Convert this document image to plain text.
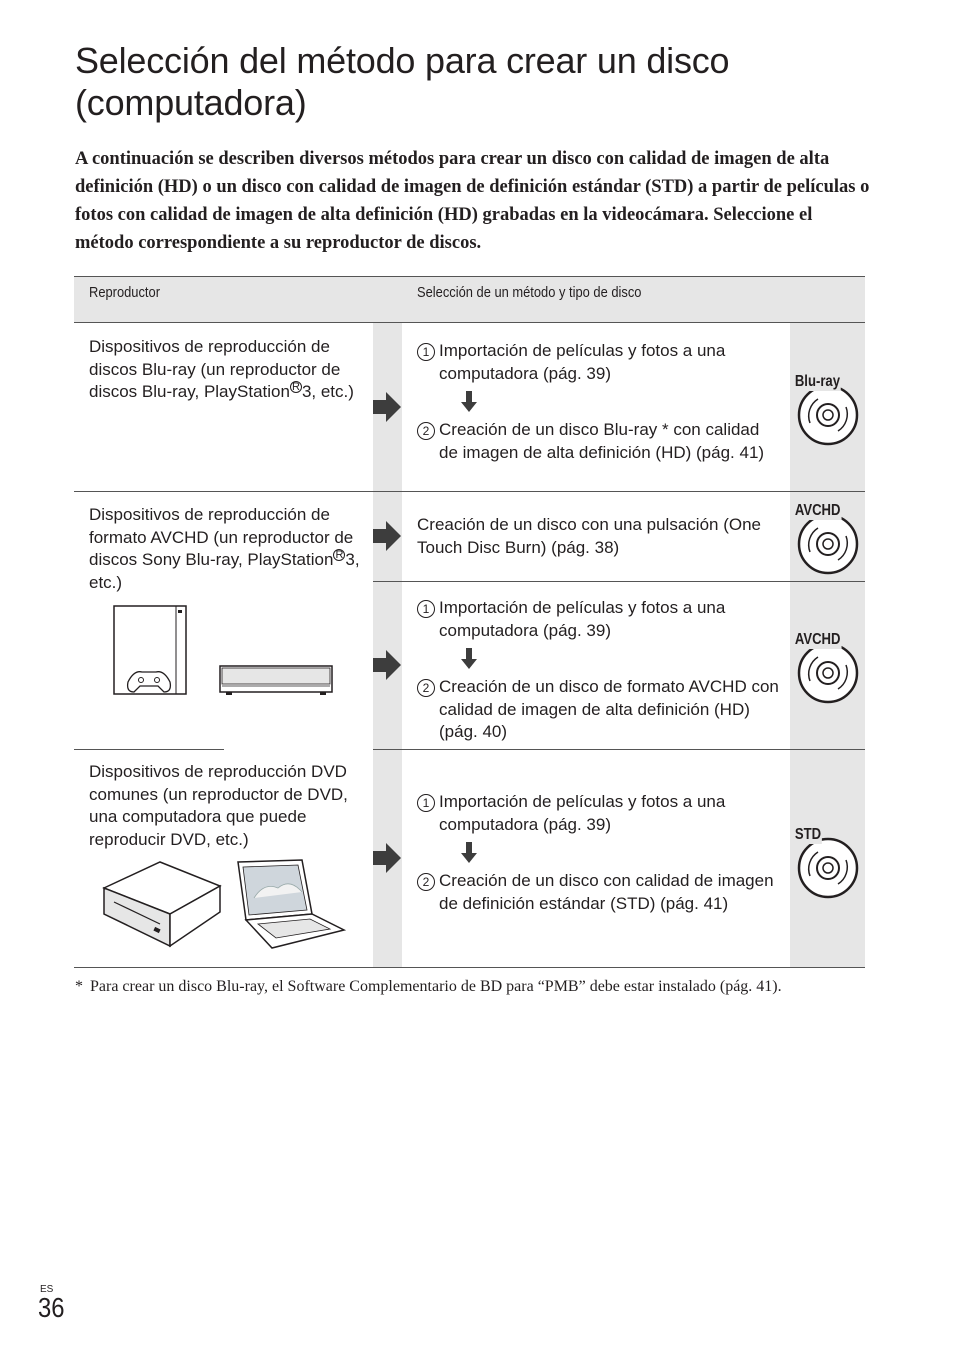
Selección del método para crear un disco (computadora)

A continuación se describen diversos métodos para crear un disco con calidad de imagen de alta definición (HD) o un disco con calidad de imagen de definición estándar (STD) a partir de películas o fotos con calidad de imagen de alta definición (HD) grabadas en la videocámara. Seleccione el método correspondiente a su reproductor de discos.

Reproductor	Selección de un método y tipo de disco
Dispositivos de reproducción de discos Blu-ray (un reproductor de discos Blu-ray, PlayStation $^R$ 3, etc.)
1 Importación de películas y fotos a una computadora (pág. 39)
2 Creación de un disco Blu-ray * con calidad de imagen de alta definición (HD) (pág. 41)
Blu-ray
Dispositivos de reproducción de formato AVCHD (un reproductor de discos Sony Blu-ray, PlayStation $^R$ 3, etc.)
Creación de un disco con una pulsación (One Touch Disc Burn) (pág. 38)
AVCHD
1 Importación de películas y fotos a una computadora (pág. 39)
2 Creación de un disco de formato AVCHD con calidad de imagen de alta definición (HD) (pág. 40)
AVCHD
Dispositivos de reproducción DVD comunes (un reproductor de DVD, una computadora que puede reproducir DVD, etc.)
1 Importación de películas y fotos a una computadora (pág. 39)
2 Creación de un disco con calidad de imagen de definición estándar (STD) (pág. 41)
STD
* Para crear un disco Blu-ray, el Software Complementario de BD para “PMB” debe estar instalado (pág. 41).
ES
36
